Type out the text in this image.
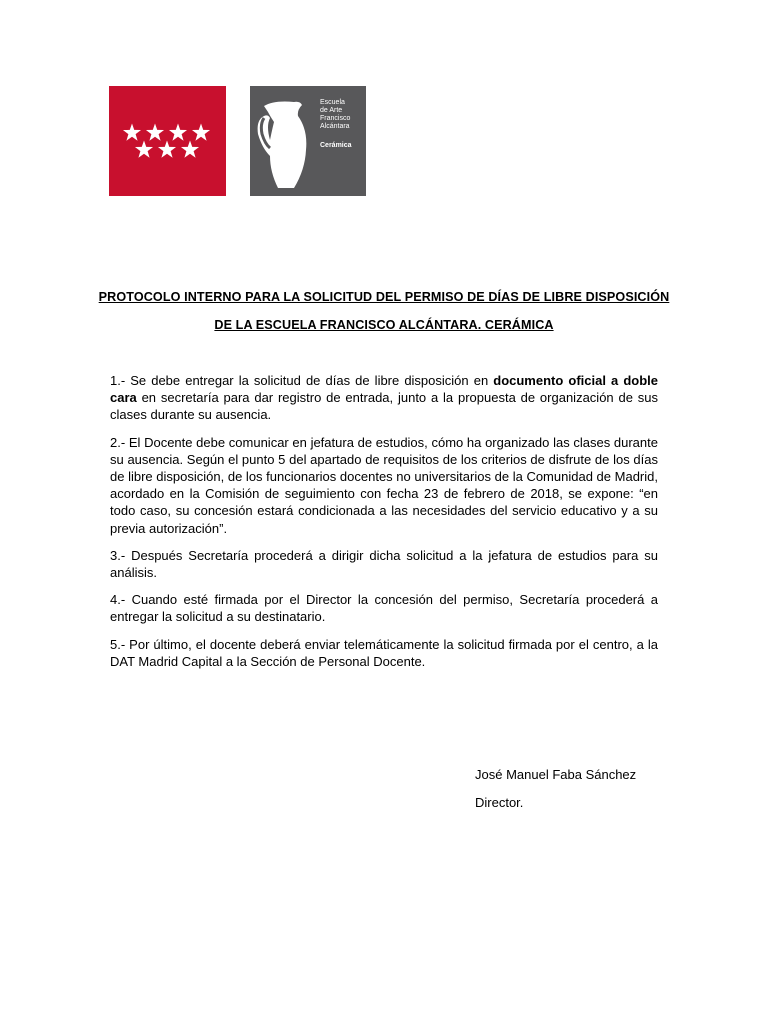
Escuela
de Arte
Francisco
Alcántara
Cerámica
PROTOCOLO INTERNO PARA LA SOLICITUD DEL PERMISO DE DÍAS DE LIBRE DISPOSICIÓN
DE LA ESCUELA FRANCISCO ALCÁNTARA. CERÁMICA

1.- Se debe entregar la solicitud de días de libre disposición en documento oficial a doble cara en secretaría para dar registro de entrada, junto a la propuesta de organización de sus clases durante su ausencia.

2.- El Docente debe comunicar en jefatura de estudios, cómo ha organizado las clases durante su ausencia. Según el punto 5 del apartado de requisitos de los criterios de disfrute de los días de libre disposición, de los funcionarios docentes no universitarios de la Comunidad de Madrid, acordado en la Comisión de seguimiento con fecha 23 de febrero de 2018, se expone: “en todo caso, su concesión estará condicionada a las necesidades del servicio educativo y a su previa autorización”.

3.- Después Secretaría procederá a dirigir dicha solicitud a la jefatura de estudios para su análisis.

4.- Cuando esté firmada por el Director la concesión del permiso, Secretaría procederá a entregar la solicitud a su destinatario.

5.- Por último, el docente deberá enviar telemáticamente la solicitud firmada por el centro, a la DAT Madrid Capital a la Sección de Personal Docente.

José Manuel Faba Sánchez
Director.
